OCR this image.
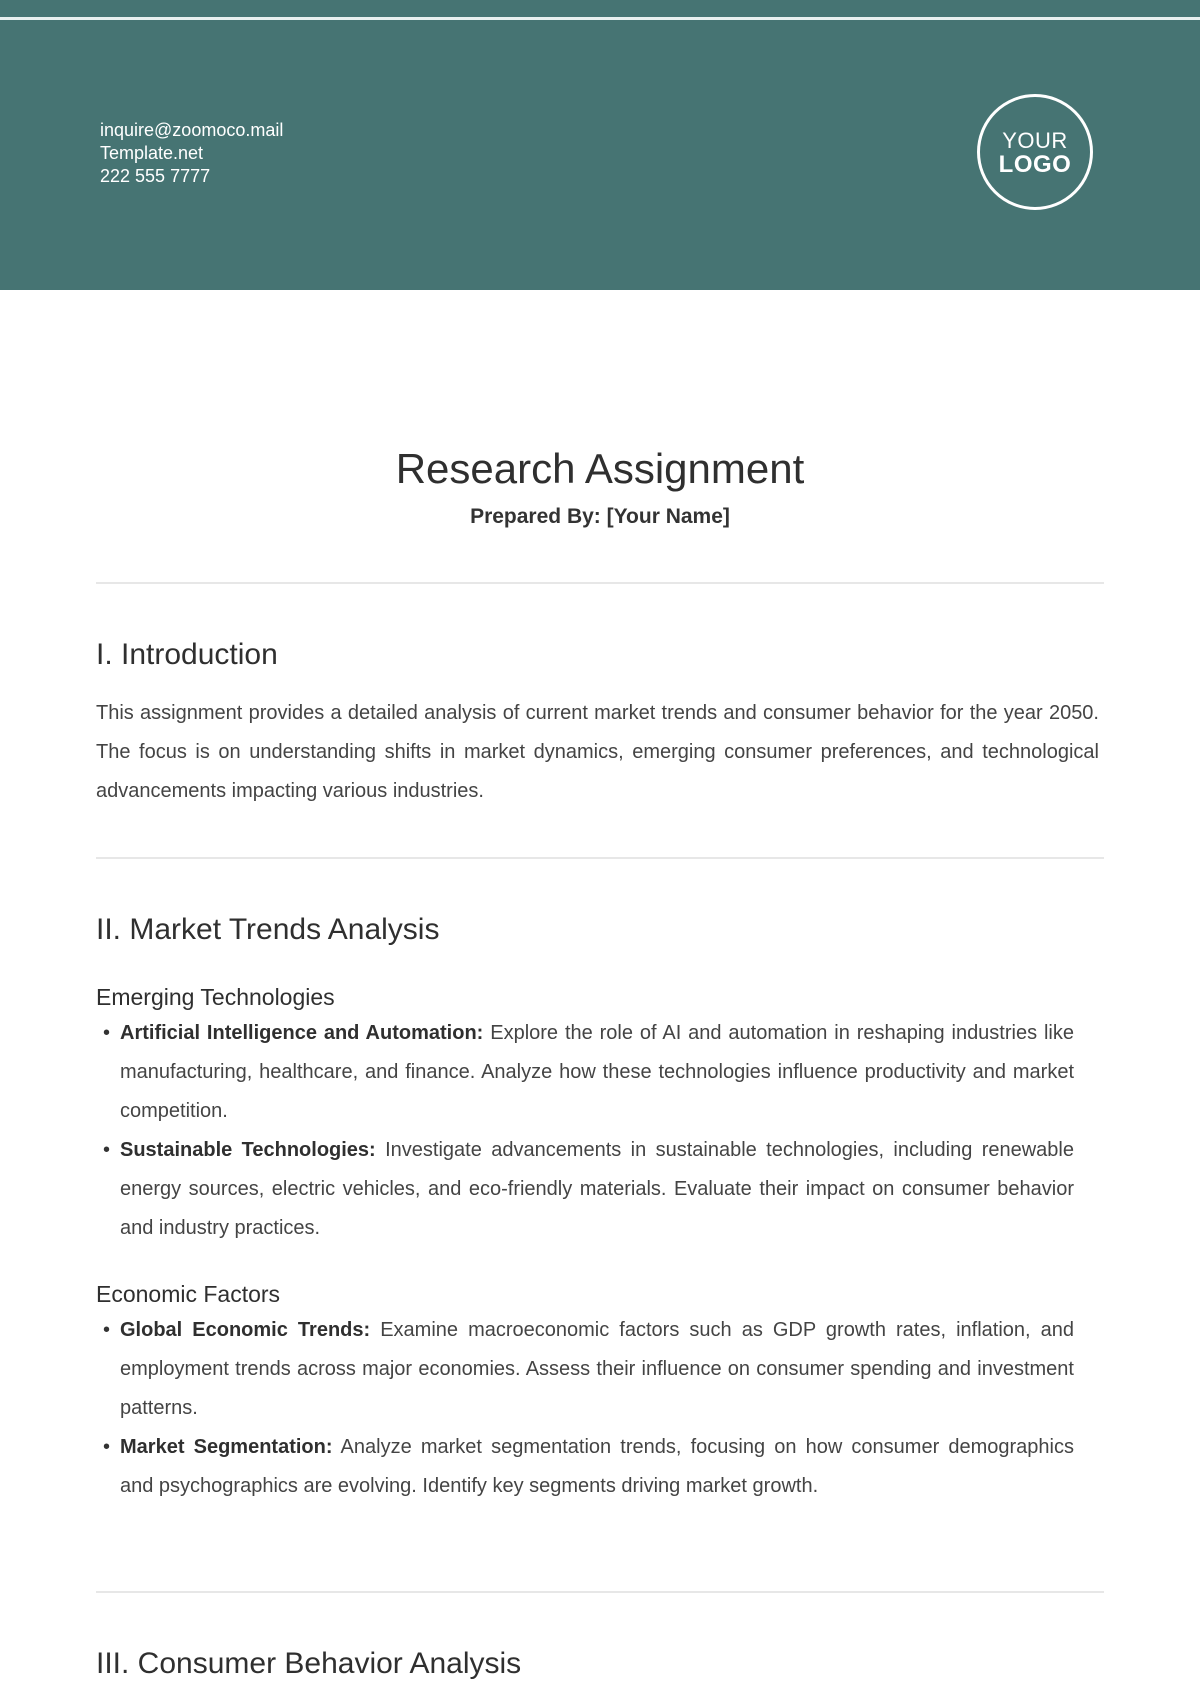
inquire@zoomoco.mail
Template.net
222 555 7777
YOUR
LOGO
Research Assignment
Prepared By: [Your Name]
I. Introduction

This assignment provides a detailed analysis of current market trends and consumer behavior for the year 2050. The focus is on understanding shifts in market dynamics, emerging consumer preferences, and technological advancements impacting various industries.

II. Market Trends Analysis
Emerging Technologies
• Artificial Intelligence and Automation: Explore the role of AI and automation in reshaping industries like manufacturing, healthcare, and finance. Analyze how these technologies influence productivity and market competition.
• Sustainable Technologies: Investigate advancements in sustainable technologies, including renewable energy sources, electric vehicles, and eco-friendly materials. Evaluate their impact on consumer behavior and industry practices.
Economic Factors
• Global Economic Trends: Examine macroeconomic factors such as GDP growth rates, inflation, and employment trends across major economies. Assess their influence on consumer spending and investment patterns.
• Market Segmentation: Analyze market segmentation trends, focusing on how consumer demographics and psychographics are evolving. Identify key segments driving market growth.
III. Consumer Behavior Analysis
